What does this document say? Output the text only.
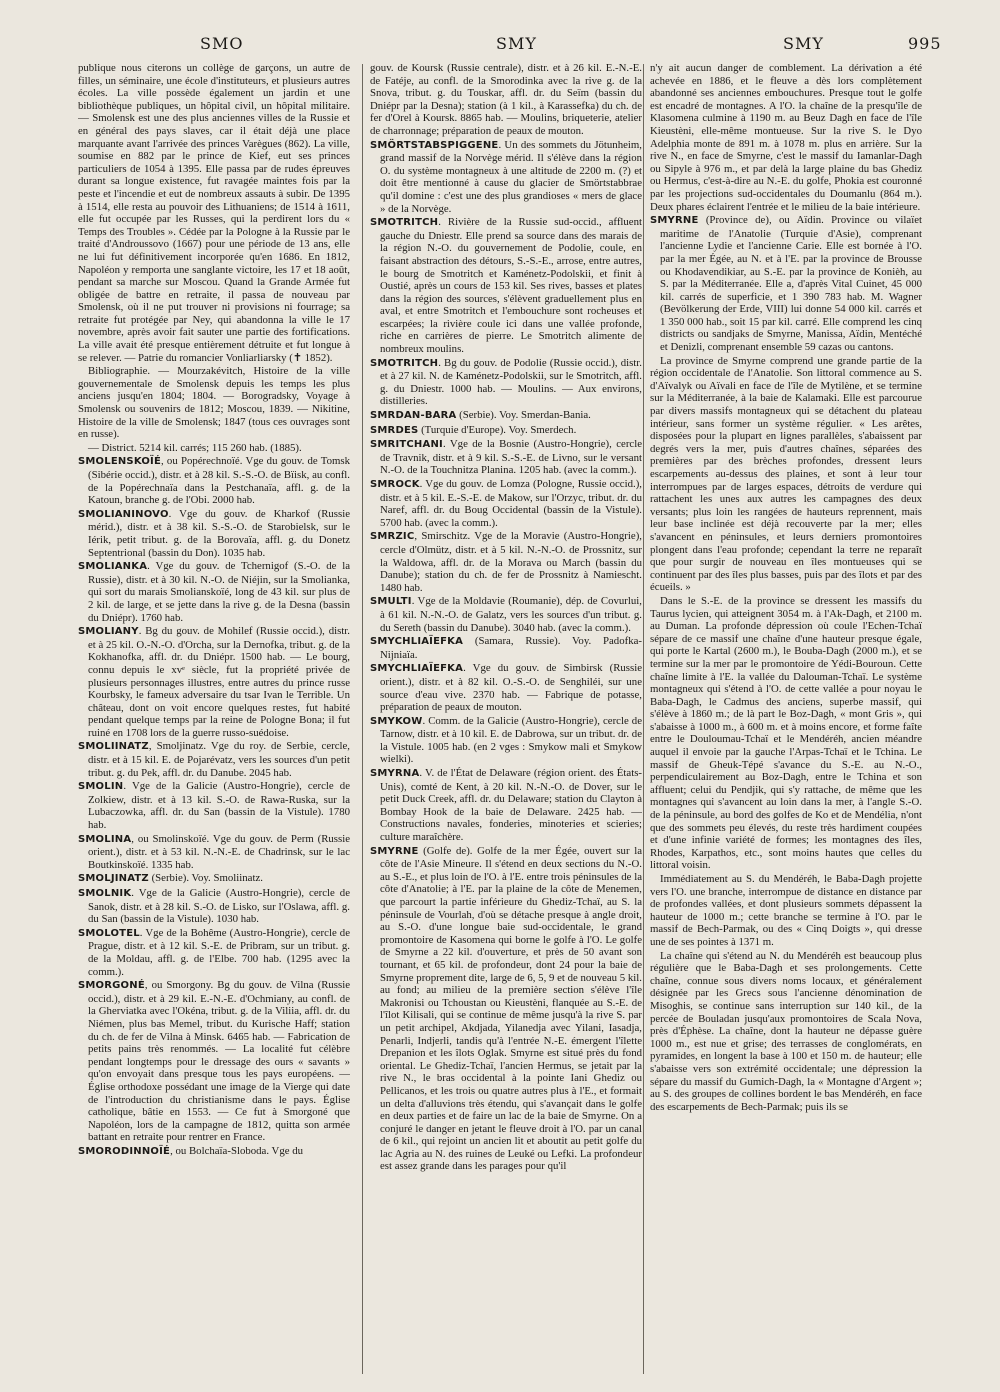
SMO	SMY	SMY	995

publique nous citerons un collège de garçons, un autre de filles, un séminaire, une école d'instituteurs, et plusieurs autres écoles. La ville possède également un jardin et une bibliothèque publiques, un hôpital civil, un hôpital militaire. — Smolensk est une des plus anciennes villes de la Russie et en général des pays slaves, car il était déjà une place marquante avant l'arrivée des princes Varègues (862). La ville, soumise en 882 par le prince de Kief, eut ses princes particuliers de 1054 à 1395. Elle passa par de rudes épreuves durant sa longue existence, fut ravagée maintes fois par la peste et l'incendie et eut de nombreux assauts à subir. De 1395 à 1514, elle resta au pouvoir des Lithuaniens; de 1514 à 1611, elle fut occupée par les Russes, qui la perdirent lors du « Temps des Troubles ». Cédée par la Pologne à la Russie par le traité d'Androussovo (1667) pour une période de 13 ans, elle ne lui fut définitivement incorporée qu'en 1686. En 1812, Napoléon y remporta une sanglante victoire, les 17 et 18 août, pendant sa marche sur Moscou. Quand la Grande Armée fut obligée de battre en retraite, il passa de nouveau par Smolensk, où il ne put trouver ni provisions ni fourrage; sa retraite fut protégée par Ney, qui abandonna la ville le 17 novembre, après avoir fait sauter une partie des fortifications. La ville avait été presque entièrement détruite et fut longue à se relever. — Patrie du romancier Vonliarliarsky (✝ 1852).

Bibliographie. — Mourzakévitch, Histoire de la ville gouvernementale de Smolensk depuis les temps les plus anciens jusqu'en 1804; 1804. — Borogradsky, Voyage à Smolensk ou souvenirs de 1812; Moscou, 1839. — Nikitine, Histoire de la ville de Smolensk; 1847 (tous ces ouvrages sont en russe).

— District. 5214 kil. carrés; 115 260 hab. (1885).

SMOLENSKOÏÉ, ou Popérechnoïé. Vge du gouv. de Tomsk (Sibérie occid.), distr. et à 28 kil. S.-S.-O. de Bïisk, au confl. de la Popérechnaïa dans la Pestchanaïa, affl. g. de la Katoun, branche g. de l'Obi. 2000 hab.

SMOLIANINOVO. Vge du gouv. de Kharkof (Russie mérid.), distr. et à 38 kil. S.-S.-O. de Starobielsk, sur le Iérik, petit tribut. g. de la Borovaïa, affl. g. du Donetz Septentrional (bassin du Don). 1035 hab.

SMOLIANKA. Vge du gouv. de Tchernigof (S.-O. de la Russie), distr. et à 30 kil. N.-O. de Niéjin, sur la Smolianka, qui sort du marais Smolianskoïé, long de 43 kil. sur plus de 2 kil. de large, et se jette dans la rive g. de la Desna (bassin du Dniépr). 1760 hab.

SMOLIANY. Bg du gouv. de Mohilef (Russie occid.), distr. et à 25 kil. O.-N.-O. d'Orcha, sur la Dernofka, tribut. g. de la Kokhanofka, affl. dr. du Dniépr. 1500 hab. — Le bourg, connu depuis le xvᵉ siècle, fut la propriété privée de plusieurs personnages illustres, entre autres du prince russe Kourbsky, le fameux adversaire du tsar Ivan le Terrible. Un château, dont on voit encore quelques restes, fut habité pendant quelque temps par la reine de Pologne Bona; il fut ruiné en 1708 lors de la guerre russo-suédoise.

SMOLIINATZ, Smoljinatz. Vge du roy. de Serbie, cercle, distr. et à 15 kil. E. de Pojarévatz, vers les sources d'un petit tribut. g. du Pek, affl. dr. du Danube. 2045 hab.

SMOLIN. Vge de la Galicie (Austro-Hongrie), cercle de Zolkiew, distr. et à 13 kil. S.-O. de Rawa-Ruska, sur la Lubaczowka, affl. dr. du San (bassin de la Vistule). 1780 hab.

SMOLINA, ou Smolinskoïé. Vge du gouv. de Perm (Russie orient.), distr. et à 53 kil. N.-N.-E. de Chadrinsk, sur le lac Boutkinskoïé. 1335 hab.

SMOLJINATZ (Serbie). Voy. Smoliinatz.

SMOLNIK. Vge de la Galicie (Austro-Hongrie), cercle de Sanok, distr. et à 28 kil. S.-O. de Lisko, sur l'Oslawa, affl. g. du San (bassin de la Vistule). 1030 hab.

SMOLOTEL. Vge de la Bohême (Austro-Hongrie), cercle de Prague, distr. et à 12 kil. S.-E. de Pribram, sur un tribut. g. de la Moldau, affl. g. de l'Elbe. 700 hab. (1295 avec la comm.).

SMORGONÉ, ou Smorgony. Bg du gouv. de Vilna (Russie occid.), distr. et à 29 kil. E.-N.-E. d'Ochmiany, au confl. de la Gherviatka avec l'Okéna, tribut. g. de la Viliia, affl. dr. du Niémen, plus bas Memel, tribut. du Kurische Haff; station du ch. de fer de Vilna à Minsk. 6465 hab. — Fabrication de petits pains très renommés. — La localité fut célèbre pendant longtemps pour le dressage des ours « savants » qu'on envoyait dans presque tous les pays européens. — Église orthodoxe possédant une image de la Vierge qui date de l'introduction du christianisme dans le pays. Église catholique, bâtie en 1553. — Ce fut à Smorgoné que Napoléon, lors de la campagne de 1812, quitta son armée battant en retraite pour rentrer en France.

SMORODINNOÏÉ, ou Bolchaïa-Sloboda. Vge du

gouv. de Koursk (Russie centrale), distr. et à 26 kil. E.-N.-E. de Fatéje, au confl. de la Smorodinka avec la rive g. de la Snova, tribut. g. du Touskar, affl. dr. du Seïm (bassin du Dniépr par la Desna); station (à 1 kil., à Karassefka) du ch. de fer d'Orel à Koursk. 8865 hab. — Moulins, briqueterie, atelier de charronnage; préparation de peaux de mouton.

SMÖRTSTABSPIGGENE. Un des sommets du Jötunheim, grand massif de la Norvège mérid. Il s'élève dans la région O. du système montagneux à une altitude de 2200 m. (?) et doit être mentionné à cause du glacier de Smörtstabbrae qu'il domine : c'est une des plus grandioses « mers de glace » de la Norvège.

SMOTRITCH. Rivière de la Russie sud-occid., affluent gauche du Dniestr. Elle prend sa source dans des marais de la région N.-O. du gouvernement de Podolie, coule, en faisant abstraction des détours, S.-S.-E., arrose, entre autres, le bourg de Smotritch et Kaménetz-Podolskii, et finit à Oustié, après un cours de 153 kil. Ses rives, basses et plates dans la région des sources, s'élèvent graduellement plus en aval, et entre Smotritch et l'embouchure sont rocheuses et escarpées; la rivière coule ici dans une vallée profonde, riche en carrières de pierre. Le Smotritch alimente de nombreux moulins.

SMOTRITCH. Bg du gouv. de Podolie (Russie occid.), distr. et à 27 kil. N. de Kaménetz-Podolskii, sur le Smotritch, affl. g. du Dniestr. 1000 hab. — Moulins. — Aux environs, distilleries.

SMRDAN-BARA (Serbie). Voy. Smerdan-Bania.

SMRDES (Turquie d'Europe). Voy. Smerdech.

SMRITCHANI. Vge de la Bosnie (Austro-Hongrie), cercle de Travnik, distr. et à 9 kil. S.-S.-E. de Livno, sur le versant N.-O. de la Touchnitza Planina. 1205 hab. (avec la comm.).

SMROCK. Vge du gouv. de Lomza (Pologne, Russie occid.), distr. et à 5 kil. E.-S.-E. de Makow, sur l'Orzyc, tribut. dr. du Naref, affl. dr. du Boug Occidental (bassin de la Vistule). 5700 hab. (avec la comm.).

SMRZIC, Smirschitz. Vge de la Moravie (Austro-Hongrie), cercle d'Olmütz, distr. et à 5 kil. N.-N.-O. de Prossnitz, sur la Waldowa, affl. dr. de la Morava ou March (bassin du Danube); station du ch. de fer de Prossnitz à Namiescht. 1480 hab.

SMULTI. Vge de la Moldavie (Roumanie), dép. de Covurlui, à 61 kil. N.-N.-O. de Galatz, vers les sources d'un tribut. g. du Sereth (bassin du Danube). 3040 hab. (avec la comm.).

SMYCHLIAÏEFKA (Samara, Russie). Voy. Padofka-Nijniaïa.

SMYCHLIAÏEFKA. Vge du gouv. de Simbirsk (Russie orient.), distr. et à 82 kil. O.-S.-O. de Senghiléi, sur une source d'eau vive. 2370 hab. — Fabrique de potasse, préparation de peaux de mouton.

SMYKOW. Comm. de la Galicie (Austro-Hongrie), cercle de Tarnow, distr. et à 10 kil. E. de Dabrowa, sur un tribut. dr. de la Vistule. 1005 hab. (en 2 vges : Smykow mali et Smykow wielki).

SMYRNA. V. de l'État de Delaware (région orient. des États-Unis), comté de Kent, à 20 kil. N.-N.-O. de Dover, sur le petit Duck Creek, affl. dr. du Delaware; station du Clayton à Bombay Hook de la baie de Delaware. 2425 hab. — Constructions navales, fonderies, minoteries et scieries; culture maraîchère.

SMYRNE (Golfe de). Golfe de la mer Égée, ouvert sur la côte de l'Asie Mineure. Il s'étend en deux sections du N.-O. au S.-E., et plus loin de l'O. à l'E. entre trois péninsules de la côte d'Anatolie; à l'E. par la plaine de la côte de Menemen, que parcourt la partie inférieure du Ghediz-Tchaï, au S. la péninsule de Vourlah, d'où se détache presque à angle droit, au S.-O. d'une longue baie sud-occidentale, le grand promontoire de Kasomena qui borne le golfe à l'O. Le golfe de Smyrne a 22 kil. d'ouverture, et près de 50 avant son tournant, et 65 kil. de profondeur, dont 24 pour la baie de Smyrne proprement dite, large de 6, 5, 9 et de nouveau 5 kil. au fond; au milieu de la première section s'élève l'île Makronisi ou Tchoustan ou Kieustèni, flanquée au S.-E. de l'îlot Kilisali, qui se continue de même jusqu'à la rive S. par un petit archipel, Akdjada, Yilanedja avec Yilani, Iasadja, Penarli, Indjerli, tandis qu'à l'entrée N.-E. émergent l'îlette Drepanion et les îlots Oglak. Smyrne est situé près du fond oriental. Le Ghediz-Tchaï, l'ancien Hermus, se jetait par la rive N., le bras occidental à la pointe Iani Ghediz ou Pellicanos, et les trois ou quatre autres plus à l'E., et formait un delta d'alluvions très étendu, qui s'avançait dans le golfe en deux parties et de faire un lac de la baie de Smyrne. On a conjuré le danger en jetant le fleuve droit à l'O. par un canal de 6 kil., qui rejoint un ancien lit et aboutit au petit golfe du lac Agria au N. des ruines de Leuké ou Lefki. La profondeur est assez grande dans les parages pour qu'il

n'y ait aucun danger de comblement. La dérivation a été achevée en 1886, et le fleuve a dès lors complètement abandonné ses anciennes embouchures. Presque tout le golfe est encadré de montagnes. A l'O. la chaîne de la presqu'île de Klasomena culmine à 1190 m. au Beuz Dagh en face de l'île Kieustèni, elle-même montueuse. Sur la rive S. le Dyo Adelphia monte de 891 m. à 1078 m. plus en arrière. Sur la rive N., en face de Smyrne, c'est le massif du Iamanlar-Dagh ou Sipyle à 976 m., et par delà la large plaine du bas Ghediz ou Hermus, c'est-à-dire au N.-E. du golfe, Phokia est couronné par les projections sud-occidentales du Doumanlu (864 m.). Deux phares éclairent l'entrée et le milieu de la baie intérieure.

SMYRNE (Province de), ou Aïdin. Province ou vilaïet maritime de l'Anatolie (Turquie d'Asie), comprenant l'ancienne Lydie et l'ancienne Carie. Elle est bornée à l'O. par la mer Égée, au N. et à l'E. par la province de Brousse ou Khodavendikiar, au S.-E. par la province de Konièh, au S. par la Méditerranée. Elle a, d'après Vital Cuinet, 45 000 kil. carrés de superficie, et 1 390 783 hab. M. Wagner (Bevölkerung der Erde, VIII) lui donne 54 000 kil. carrés et 1 350 000 hab., soit 15 par kil. carré. Elle comprend les cinq districts ou sandjaks de Smyrne, Manissa, Aïdin, Mentéché et Denizli, comprenant ensemble 59 cazas ou cantons.

La province de Smyrne comprend une grande partie de la région occidentale de l'Anatolie. Son littoral commence au S. d'Aïvalyk ou Aïvali en face de l'île de Mytilène, et se termine sur la Méditerranée, à la baie de Kalamaki. Elle est parcourue par divers massifs montagneux qui se détachent du plateau intérieur, sans former un système régulier. « Les arêtes, disposées pour la plupart en lignes parallèles, s'abaissent par degrés vers la mer, puis d'autres chaînes, séparées des premières par des brèches profondes, dressent leurs escarpements au-dessus des plaines, et sont à leur tour interrompues par de larges espaces, détroits de verdure qui rattachent les unes aux autres les campagnes des deux versants; plus loin les rangées de hauteurs reprennent, mais leur base inclinée est déjà recouverte par la mer; elles s'avancent en péninsules, et leurs derniers promontoires plongent dans l'eau profonde; cependant la terre ne reparaît que pour surgir de nouveau en îles montueuses qui se continuent par des îles plus basses, puis par des îlots et par des écueils. »

Dans le S.-E. de la province se dressent les massifs du Taurus lycien, qui atteignent 3054 m. à l'Ak-Dagh, et 2100 m. au Duman. La profonde dépression où coule l'Echen-Tchaï sépare de ce massif une chaîne d'une hauteur presque égale, qui porte le Kartal (2600 m.), le Bouba-Dagh (2000 m.), et se termine sur la mer par le promontoire de Yédi-Bouroun. Cette chaîne limite à l'E. la vallée du Dalouman-Tchaï. Le système montagneux qui s'étend à l'O. de cette vallée a pour noyau le Baba-Dagh, le Cadmus des anciens, superbe massif, qui s'élève à 1860 m.; de là part le Boz-Dagh, « mont Gris », qui s'abaisse à 1000 m., à 600 m. et à moins encore, et forme faîte entre le Douloumau-Tchaï et le Mendéréh, ancien méandre auquel il envoie par la gauche l'Arpas-Tchaï et le Tchina. Le massif de Gheuk-Tépé s'avance du S.-E. au N.-O., perpendiculairement au Boz-Dagh, entre le Tchina et son affluent; celui du Pendjik, qui s'y rattache, de même que les montagnes qui s'avancent au loin dans la mer, à l'angle S.-O. de la péninsule, au bord des golfes de Ko et de Mendélia, n'ont que des sommets peu élevés, du reste très hardiment coupées et d'une infinie variété de formes; les montagnes des îles, Rhodes, Karpathos, etc., sont moins hautes que celles du littoral voisin.

Immédiatement au S. du Mendéréh, le Baba-Dagh projette vers l'O. une branche, interrompue de distance en distance par de profondes vallées, et dont plusieurs sommets dépassent la hauteur de 1000 m.; cette branche se termine à l'O. par le massif de Bech-Parmak, ou des « Cinq Doigts », qui dresse une de ses pointes à 1371 m.

La chaîne qui s'étend au N. du Mendéréh est beaucoup plus régulière que le Baba-Dagh et ses prolongements. Cette chaîne, connue sous divers noms locaux, et généralement désignée par les Grecs sous l'ancienne dénomination de Misoghis, se continue sans interruption sur 140 kil., de la percée de Bouladan jusqu'aux promontoires de Scala Nova, près d'Éphèse. La chaîne, dont la hauteur ne dépasse guère 1000 m., est nue et grise; des terrasses de conglomérats, en pyramides, en longent la base à 100 et 150 m. de hauteur; elle s'abaisse vers son extrémité occidentale; une dépression la sépare du massif du Gumich-Dagh, la « Montagne d'Argent »; au S. des groupes de collines bordent le bas Mendéréh, en face des escarpements de Bech-Parmak; puis ils se
